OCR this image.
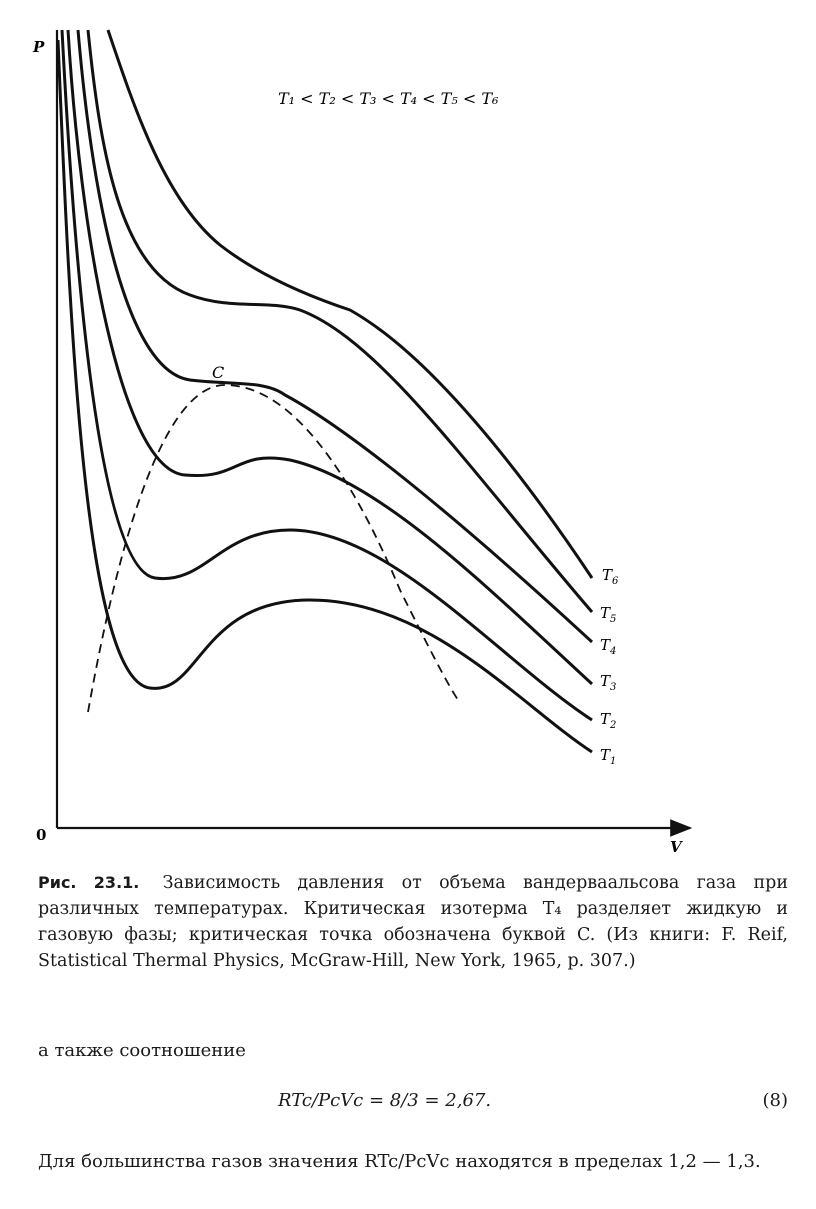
P
V
0
T₁ < T₂ < T₃ < T₄ < T₅ < T₆
C
$T_6$
$T_5$
$T_4$
$T_3$
$T_2$
$T_1$
Рис. 23.1. Зависимость давления от объема вандерваальсова газа при различных температурах. Критическая изотерма T₄ разделяет жидкую и газовую фазы; критическая точка обозначена буквой C. (Из книги: F. Reif, Statistical Thermal Physics, McGraw-Hill, New York, 1965, p. 307.)
а также соотношение
RTc/PcVc = 8/3 = 2,67.	(8)
Для большинства газов значения RTc/PcVc находятся в пределах 1,2 — 1,3.
